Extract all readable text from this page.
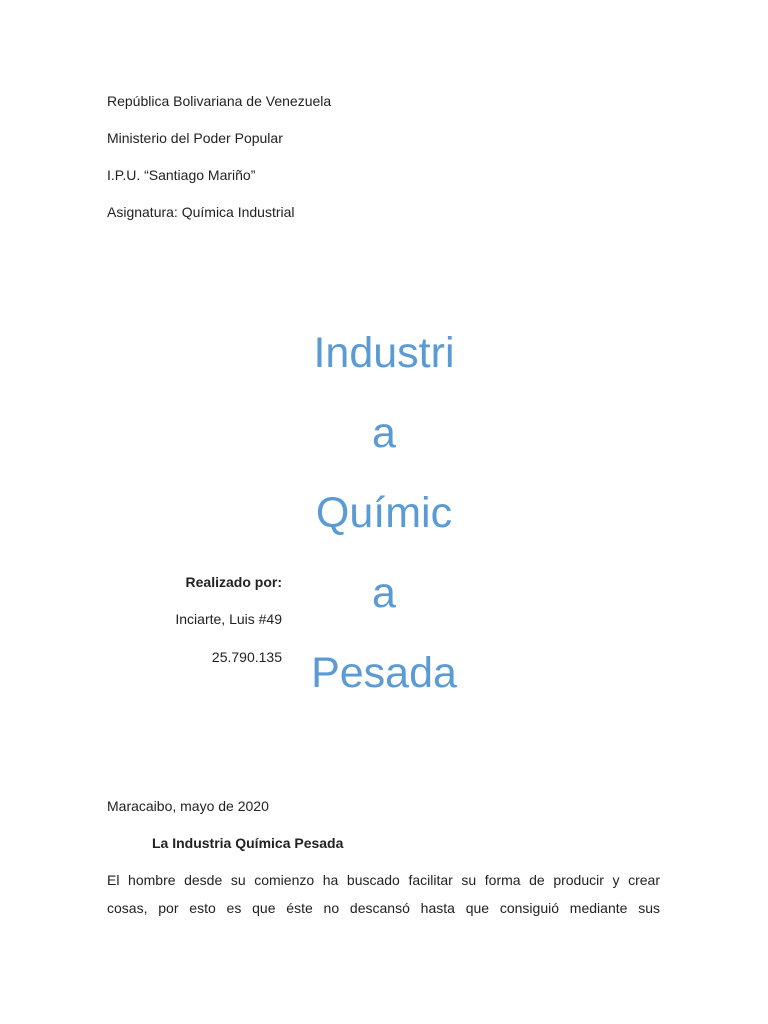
República Bolivariana de Venezuela
Ministerio del Poder Popular
I.P.U. “Santiago Mariño”
Asignatura: Química Industrial
Industri
a
Químic
a
Pesada
Realizado por:
Inciarte, Luis #49
25.790.135
Maracaibo, mayo de 2020
La Industria Química Pesada
El hombre desde su comienzo ha buscado facilitar su forma de producir y crear
cosas, por esto es que éste no descansó hasta que consiguió mediante sus
